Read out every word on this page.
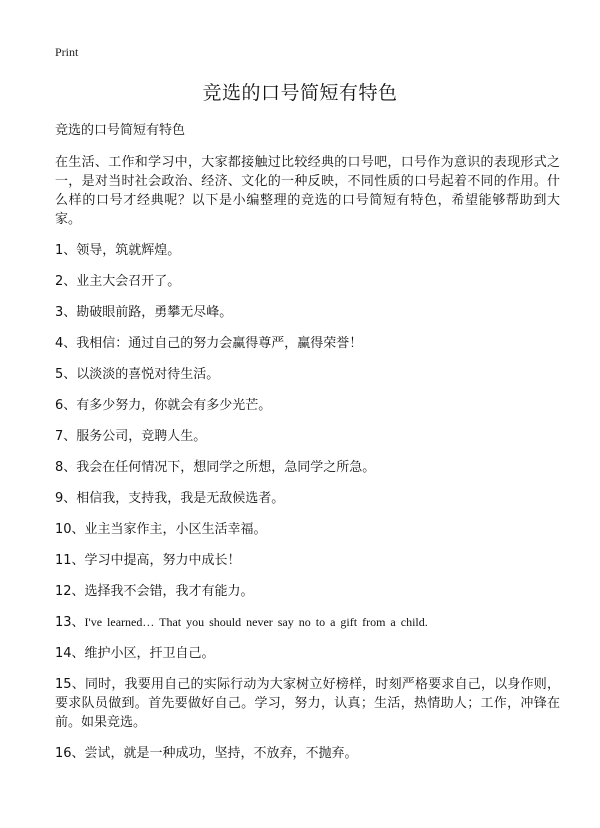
Print
竞选的口号简短有特色

竞选的口号简短有特色

在生活、工作和学习中，大家都接触过比较经典的口号吧，口号作为意识的表现形式之一，是对当时社会政治、经济、文化的一种反映，不同性质的口号起着不同的作用。什么样的口号才经典呢？以下是小编整理的竞选的口号简短有特色，希望能够帮助到大家。

1、领导，筑就辉煌。

2、业主大会召开了。

3、勘破眼前路，勇攀无尽峰。

4、我相信：通过自己的努力会赢得尊严，赢得荣誉！

5、以淡淡的喜悦对待生活。

6、有多少努力，你就会有多少光芒。

7、服务公司，竞聘人生。

8、我会在任何情况下，想同学之所想，急同学之所急。

9、相信我，支持我，我是无敌候选者。

10、业主当家作主，小区生活幸福。

11、学习中提高，努力中成长！

12、选择我不会错，我才有能力。

13、I've learned… That you should never say no to a gift from a child.

14、维护小区，扞卫自己。

15、同时，我要用自己的实际行动为大家树立好榜样，时刻严格要求自己，以身作则，要求队员做到。首先要做好自己。学习，努力，认真；生活，热情助人；工作，冲锋在前。如果竞选。

16、尝试，就是一种成功，坚持，不放弃，不抛弃。
